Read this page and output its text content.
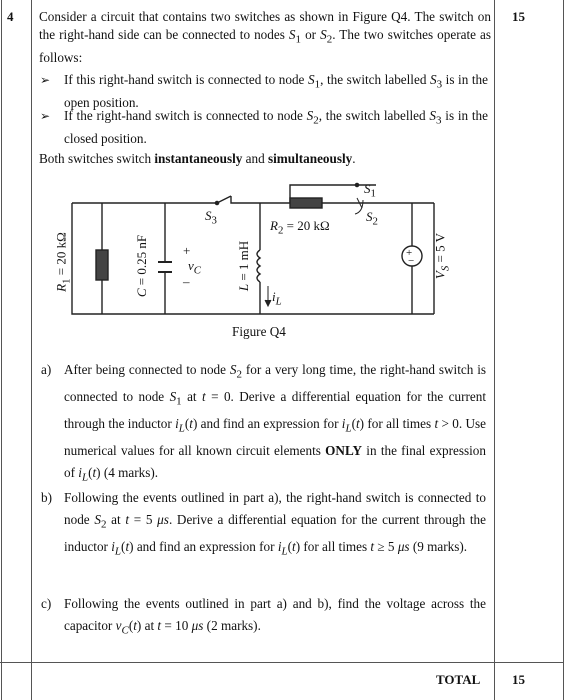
4	15
Consider a circuit that contains two switches as shown in Figure Q4. The switch on the right-hand side can be connected to nodes $S_1$ or $S_2$. The two switches operate as follows:
➢ If this right-hand switch is connected to node $S_1$, the switch labelled $S_3$ is in the open position.
➢ If the right-hand switch is connected to node $S_2$, the switch labelled $S_3$ is in the closed position.
Both switches switch instantaneously and simultaneously.
$R_1 = 20$ kΩ
C = 0.25 nF	+
$v_C$
–
$S_3$
L = 1 mH
$i_L$
$R_2 = 20$ kΩ
$S_1$
$S_2$
+
−
$V_S = 5$ V
Figure Q4
a) After being connected to node $S_2$ for a very long time, the right-hand switch is connected to node $S_1$ at t = 0. Derive a differential equation for the current through the inductor $i_L(t)$ and find an expression for $i_L(t)$ for all times t > 0. Use numerical values for all known circuit elements ONLY in the final expression of $i_L(t)$ (4 marks).
b) Following the events outlined in part a), the right-hand switch is connected to node $S_2$ at t = 5 μs. Derive a differential equation for the current through the inductor $i_L(t)$ and find an expression for $i_L(t)$ for all times t ≥ 5 μs (9 marks).
c) Following the events outlined in part a) and b), find the voltage across the capacitor $v_C(t)$ at t = 10 μs (2 marks).
TOTAL 15
